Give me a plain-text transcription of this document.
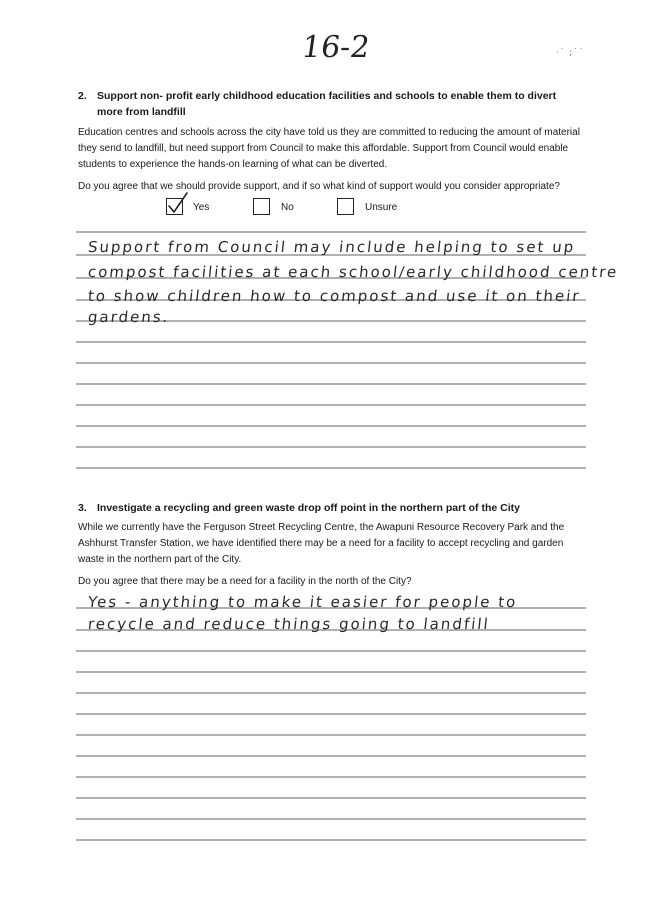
16-2	·˙ ;˙˙
2. Support non- profit early childhood education facilities and schools to enable them to divert more from landfill
Education centres and schools across the city have told us they are committed to reducing the amount of material they send to landfill, but need support from Council to make this affordable. Support from Council would enable students to experience the hands-on learning of what can be diverted.
Do you agree that we should provide support, and if so what kind of support would you consider appropriate?
Yes	No	Unsure
Support from Council may include helping to set up
compost facilities at each school/early childhood centre
to show children how to compost and use it on their
gardens.
3. Investigate a recycling and green waste drop off point in the northern part of the City
While we currently have the Ferguson Street Recycling Centre, the Awapuni Resource Recovery Park and the Ashhurst Transfer Station, we have identified there may be a need for a facility to accept recycling and garden waste in the northern part of the City.
Do you agree that there may be a need for a facility in the north of the City?
Yes - anything to make it easier for people to
recycle and reduce things going to landfill
